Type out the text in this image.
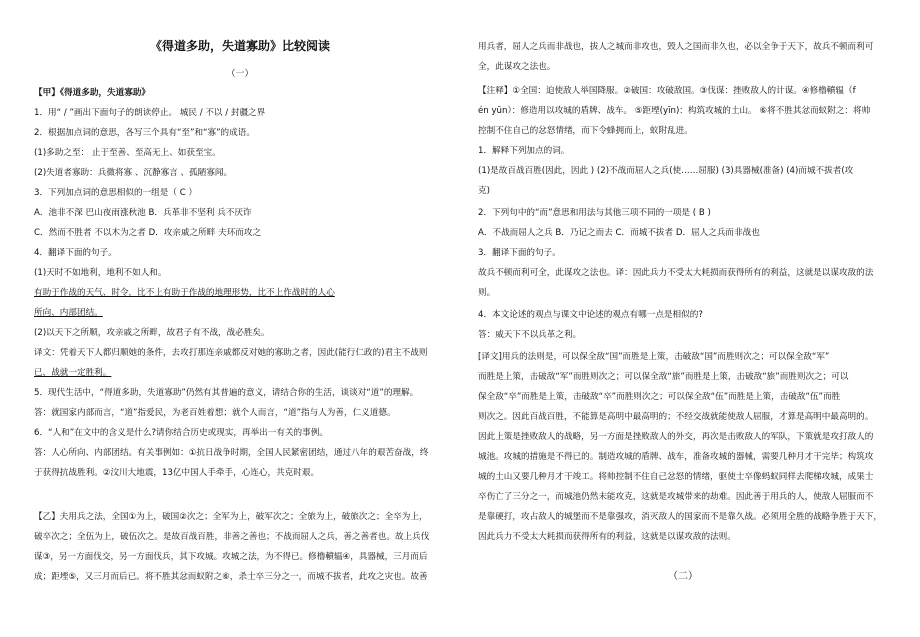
《得道多助，失道寡助》比较阅读
（一）
【甲】《得道多助，失道寡助》
1．用“ / ”画出下面句子的朗读停止。 城民 / 不以 / 封疆之界
2．根据加点词的意思，各写三个具有“至”和“寡”的成语。
(1)多助之至： 止于至善、至高无上、如获至宝。
(2)失道者寡助：兵微将寡 、沉静寡言 、孤陋寡闻。
3．下列加点词的意思相似的一组是（ C ）
A．池非不深 巴山夜雨涨秋池 B．兵革非不坚利 兵不厌诈
C．然而不胜者 不以木为之者 D．攻亲戚之所畔 夫环而攻之
4．翻译下面的句子。
(1)天时不如地利，地利不如人和。
有助于作战的天气、时令，比不上有助于作战的地理形势，比不上作战时的人心
所向、内部团结。
(2)以天下之所顺，攻亲戚之所畔，故君子有不战，战必胜矣。
译文：凭着天下人都归顺她的条件，去攻打那连亲戚都反对她的寡助之者，因此(能行仁政的)君主不战则
已，战就一定胜利。
5．现代生活中，“得道多助，失道寡助”仍然有其普遍的意义，请结合你的生活，谈谈对“道”的理解。
答：就国家内部而言，“道”指爱民，为老百姓着想；就个人而言，“道”指与人为善，仁义道德。
6．“人和”在文中的含义是什么?请你结合历史或现实，再举出一有关的事例。
答：人心所向、内部团结。有关事例如：①抗日战争时期，全国人民紧密团结，通过八年的艰苦奋战，终
于获得抗战胜利。②汶川大地震，13亿中国人手牵手，心连心，共克时艰。
【乙】夫用兵之法，全国①为上，破国②次之；全军为上，破军次之；全旅为上，破旅次之；全卒为上，
破卒次之；全伍为上，破伍次之。是故百战百胜，非善之善也；不战而屈人之兵，善之善者也。故上兵伐
谋③，另一方面伐交，另一方面伐兵，其下攻城。攻城之法，为不得已。修橹轒辒④，具器械，三月而后
成；距堙⑤，又三月而后已。将不胜其忿而蚁附之⑥，杀士卒三分之一，而城不拔者，此攻之灾也。故善
用兵者，屈人之兵而非战也，拔人之城而非攻也，毁人之国而非久也，必以全争于天下，故兵不顿而利可
全，此谋攻之法也。
【注释】①全国：迫使敌人举国降服。②破国：攻破敌国。③伐谋：挫败敌人的计谋。④修橹轒辒（f
én yūn）：修造用以攻城的盾牌、战车。 ⑤距堙(yīn)：构筑攻城的土山。 ⑥将不胜其忿而蚁附之：将帅
控制不住自己的忿怒情绪，而下令蜂拥而上，蚁附乱进。
1．解释下列加点的词。
(1)是故百战百胜(因此，因此 ) (2)不战而屈人之兵(使……屈服) (3)具器械(准备) (4)而城不拔者(攻
克)
2．下列句中的“而”意思和用法与其他三项不同的一项是 ( B )
A．不战而屈人之兵 B．乃记之而去 C．而城不拔者 D．屈人之兵而非战也
3．翻译下面的句子。
故兵不顿而利可全，此谋攻之法也。译：因此兵力不受太大耗损而获得所有的利益，这就是以谋攻敌的法
则。
4．本文论述的观点与课文中论述的观点有哪一点是相似的?
答：威天下不以兵革之利。
[译文]用兵的法则是，可以保全敌“国”而胜是上策，击破敌“国”而胜则次之；可以保全敌“军”
而胜是上策，击破敌“军”而胜则次之；可以保全敌“旅”而胜是上策，击破敌“旅”而胜则次之；可以
保全敌“卒”而胜是上策，击破敌“卒”而胜则次之；可以保全敌“伍”而胜是上策，击破敌“伍”而胜
则次之。因此百战百胜，不能算是高明中最高明的；不经交战就能使敌人屈服，才算是高明中最高明的。
因此上策是挫败敌人的战略，另一方面是挫败敌人的外交，再次是击败敌人的军队，下策就是攻打敌人的
城池。攻城的措施是不得已的。制造攻城的盾牌、战车，准备攻城的器械，需要几种月才干完毕；构筑攻
城的土山又要几种月才干竣工。将帅控制不住自己忿怒的情绪，驱使士卒像蚂蚁同样去爬梯攻城，成果士
卒伤亡了三分之一，而城池仍然未能攻克，这就是攻城带来的劫难。因此善于用兵的人，使敌人屈服而不
是靠硬打，攻占敌人的城堡而不是靠强攻，消灭敌人的国家而不是靠久战。必须用全胜的战略争胜于天下，
因此兵力不受太大耗损而获得所有的利益，这就是以谋攻敌的法则。
（二）
